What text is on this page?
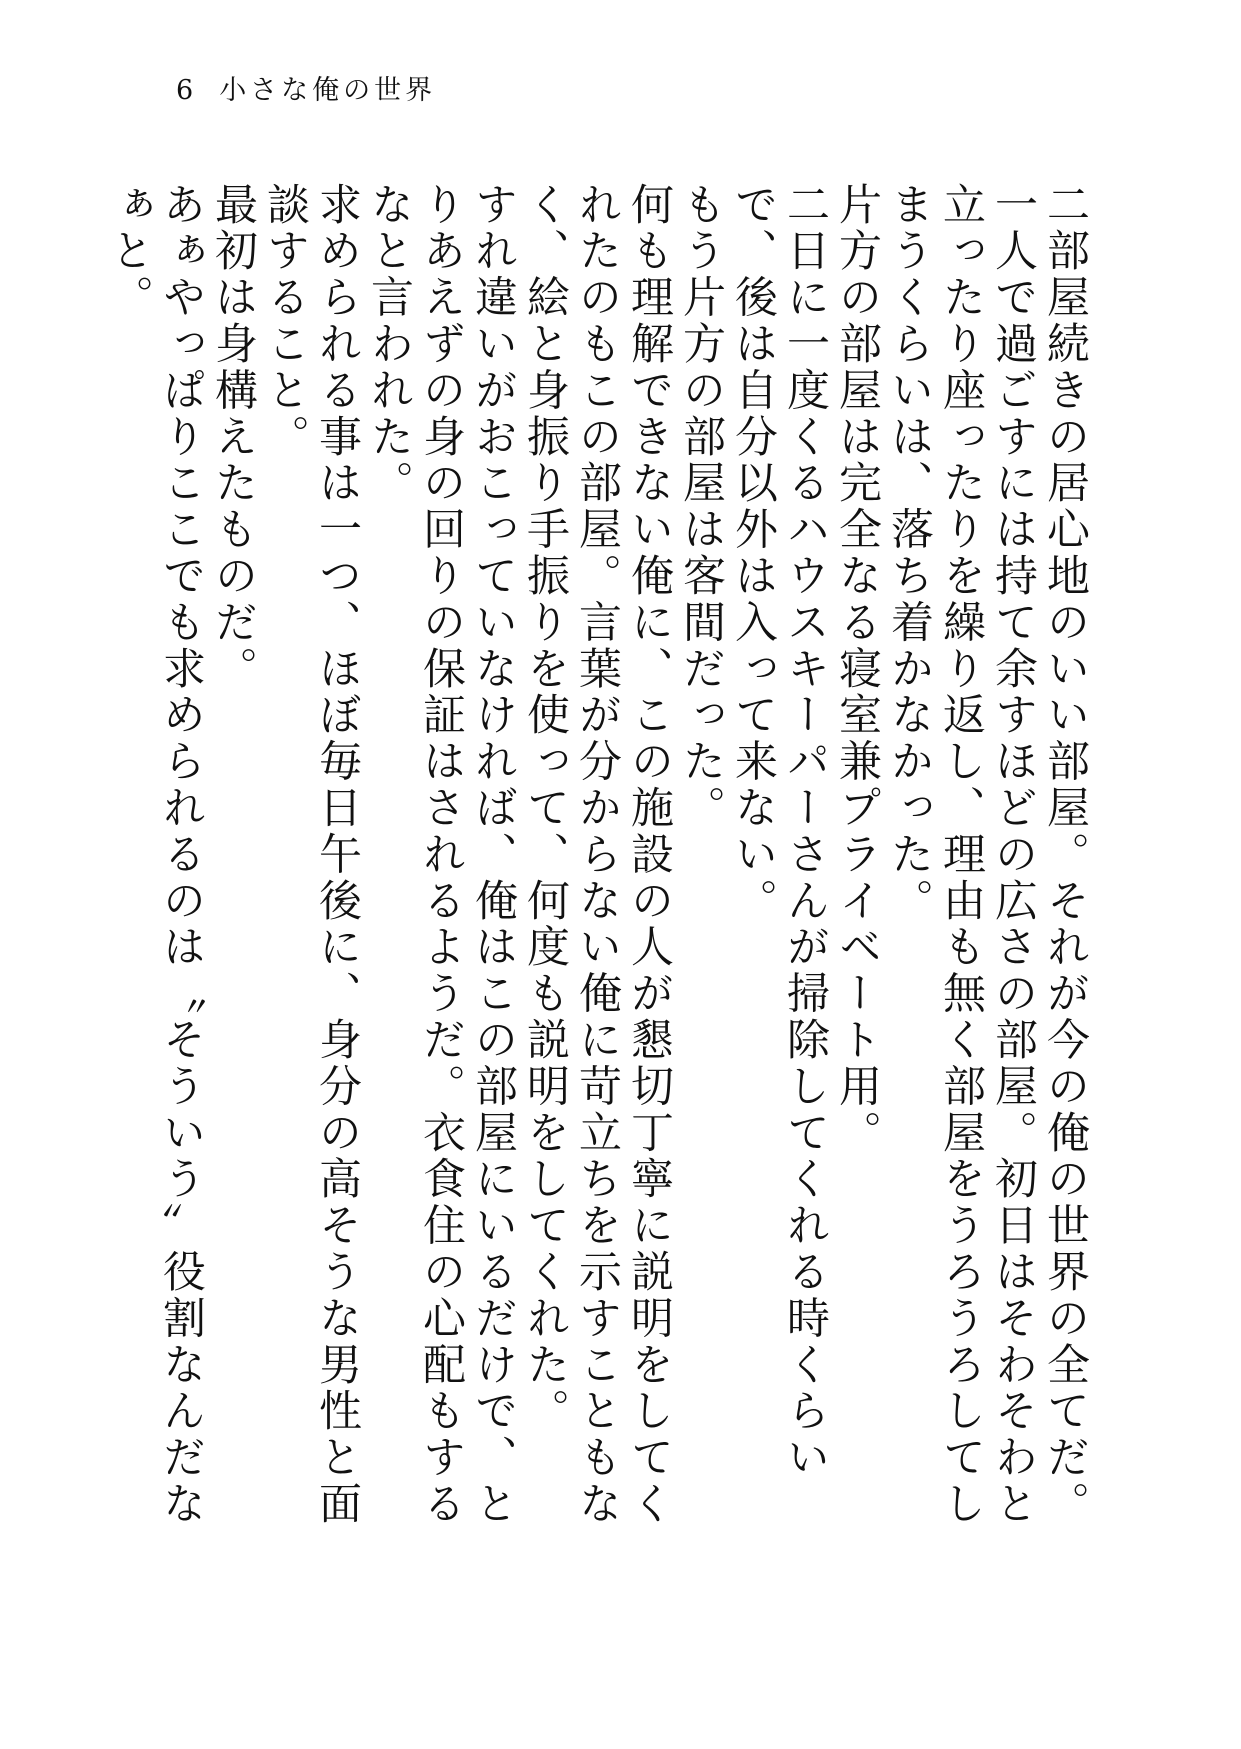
6 小さな俺の世界

二部屋続きの居心地のいい部屋。それが今の俺の世界の全てだ。

一人で過ごすには持て余すほどの広さの部屋。初日はそわそわと立ったり座ったりを繰り返し、理由も無く部屋をうろうろしてしまうくらいは、落ち着かなかった。

片方の部屋は完全なる寝室兼プライベート用。

二日に一度くるハウスキーパーさんが掃除してくれる時くらいで、後は自分以外は入って来ない。

もう片方の部屋は客間だった。

何も理解できない俺に、この施設の人が懇切丁寧に説明をしてくれたのもこの部屋。言葉が分からない俺に苛立ちを示すこともなく、絵と身振り手振りを使って、何度も説明をしてくれた。

すれ違いがおこっていなければ、俺はこの部屋にいるだけで、とりあえずの身の回りの保証はされるようだ。衣食住の心配もするなと言われた。

求められる事は一つ、ほぼ毎日午後に、身分の高そうな男性と面談すること。

最初は身構えたものだ。

あぁやっぱりここでも求められるのは〝そういう〟役割なんだなぁと。
